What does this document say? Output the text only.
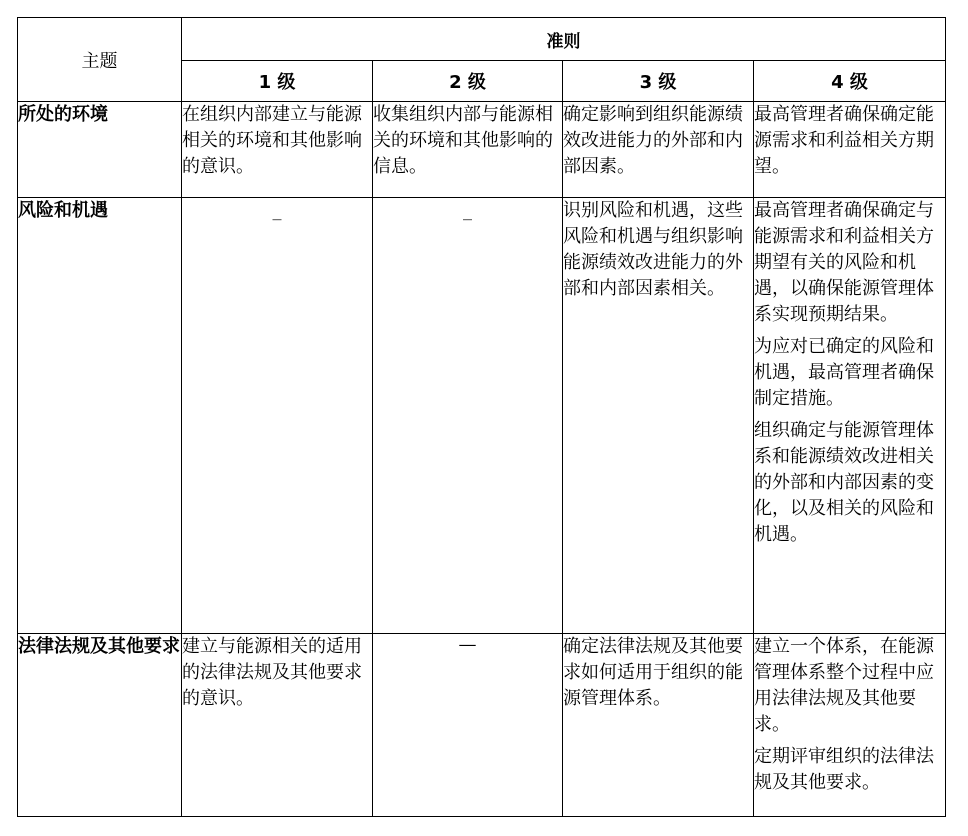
主题	准则			
	1 级	2 级	3 级	4 级
所处的环境	在组织内部建立与能源相关的环境和其他影响的意识。	收集组织内部与能源相关的环境和其他影响的信息。	确定影响到组织能源绩效改进能力的外部和内部因素。	最高管理者确保确定能源需求和利益相关方期望。

风险和机遇	_	_	识别风险和机遇，这些风险和机遇与组织影响能源绩效改进能力的外部和内部因素相关。	最高管理者确保确定与能源需求和利益相关方期望有关的风险和机遇，以确保能源管理体系实现预期结果。

为应对已确定的风险和机遇，最高管理者确保制定措施。

组织确定与能源管理体系和能源绩效改进相关的外部和内部因素的变化，以及相关的风险和机遇。

法律法规及其他要求	建立与能源相关的适用的法律法规及其他要求的意识。	—	确定法律法规及其他要求如何适用于组织的能源管理体系。	建立一个体系，在能源管理体系整个过程中应用法律法规及其他要求。

定期评审组织的法律法规及其他要求。
